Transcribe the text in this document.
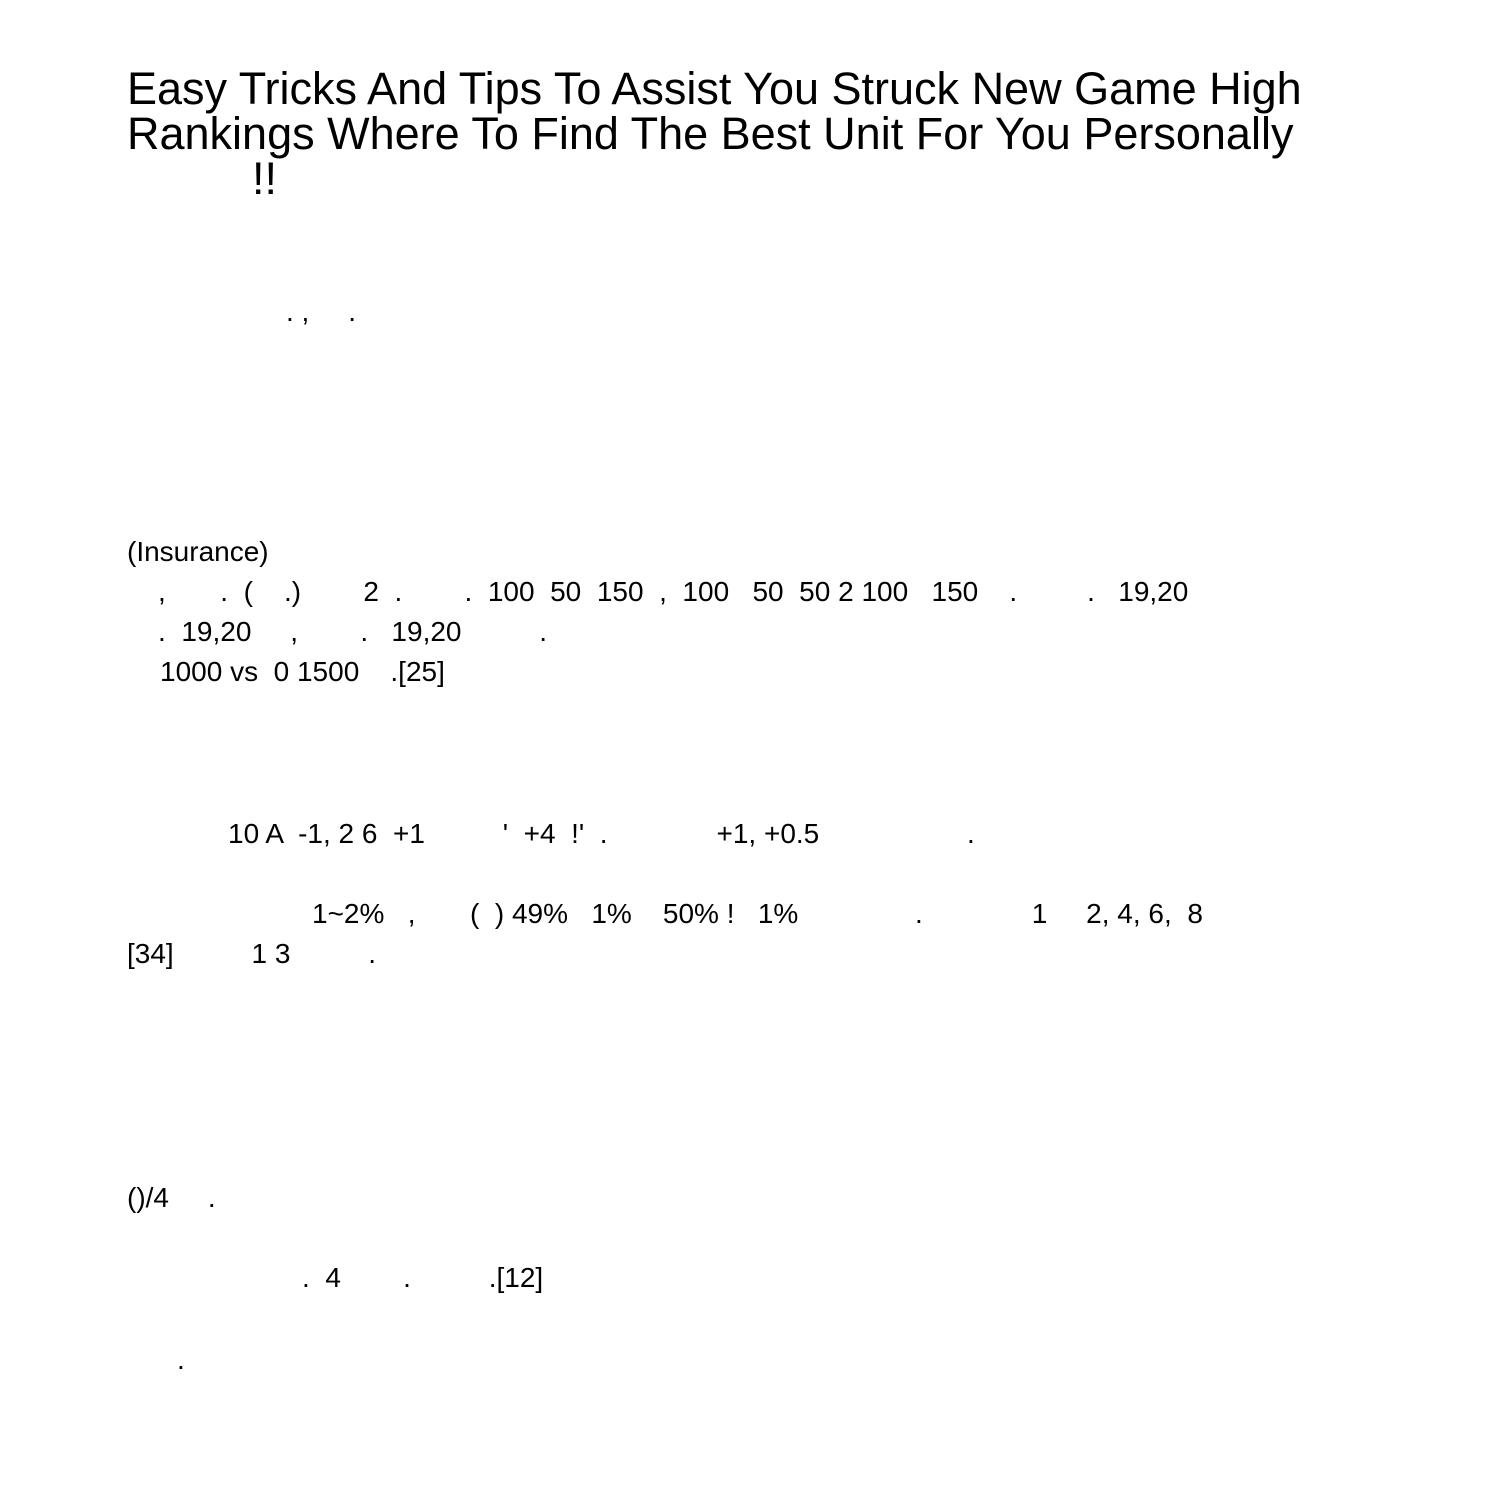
Easy Tricks And Tips To Assist You Struck New Game High
Rankings Where To Find The Best Unit For You Personally
!!
. ,     .
(Insurance)
,       .  (    .)        2  .        .  100  50  150  ,  100   50  50 2 100   150    .         .   19,20
.  19,20     ,        .   19,20          .
1000 vs  0 1500    .[25]
10 A  -1, 2 6  +1          '  +4  !'  .              +1, +0.5                   .
1~2%   ,       (  ) 49%   1%    50% !   1%               .              1     2, 4, 6,  8
[34]          1 3          .
()/4     .
.  4        .          .[12]
.
